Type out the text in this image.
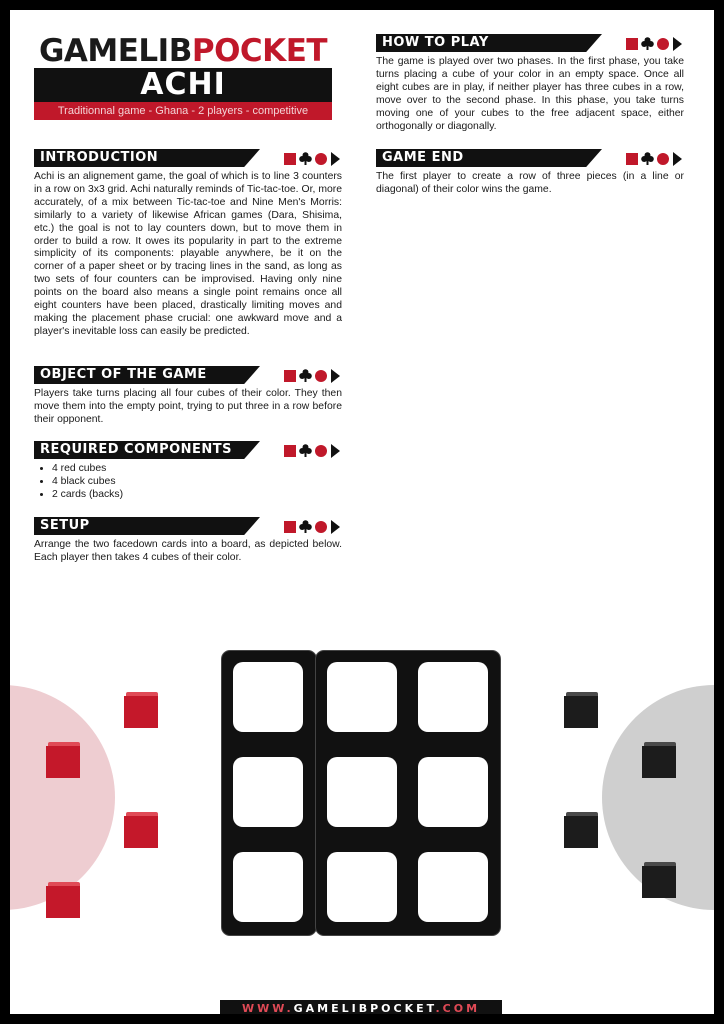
GAMELIBPOCKET
ACHI
Traditionnal game - Ghana - 2 players - competitive
INTRODUCTION
Achi is an alignement game, the goal of which is to line 3 counters in a row on 3x3 grid. Achi naturally reminds of Tic-tac-toe. Or, more accurately, of a mix between Tic-tac-toe and Nine Men's Morris: similarly to a variety of likewise African games (Dara, Shisima, etc.) the goal is not to lay counters down, but to move them in order to build a row. It owes its popularity in part to the extreme simplicity of its components: playable anywhere, be it on the corner of a paper sheet or by tracing lines in the sand, as long as two sets of four counters can be improvised. Having only nine points on the board also means a single point remains once all eight counters have been placed, drastically limiting moves and making the placement phase crucial: one awkward move and a player's inevitable loss can easily be predicted.
OBJECT OF THE GAME
Players take turns placing all four cubes of their color. They then move them into the empty point, trying to put three in a row before their opponent.
REQUIRED COMPONENTS
• 4 red cubes
• 4 black cubes
• 2 cards (backs)
SETUP
Arrange the two facedown cards into a board, as depicted below. Each player then takes 4 cubes of their color.
HOW TO PLAY
The game is played over two phases. In the first phase, you take turns placing a cube of your color in an empty space. Once all eight cubes are in play, if neither player has three cubes in a row, move over to the second phase. In this phase, you take turns moving one of your cubes to the free adjacent space, either orthogonally or diagonally.
GAME END
The first player to create a row of three pieces (in a line or diagonal) of their color wins the game.
WWW.GAMELIBPOCKET.COM
